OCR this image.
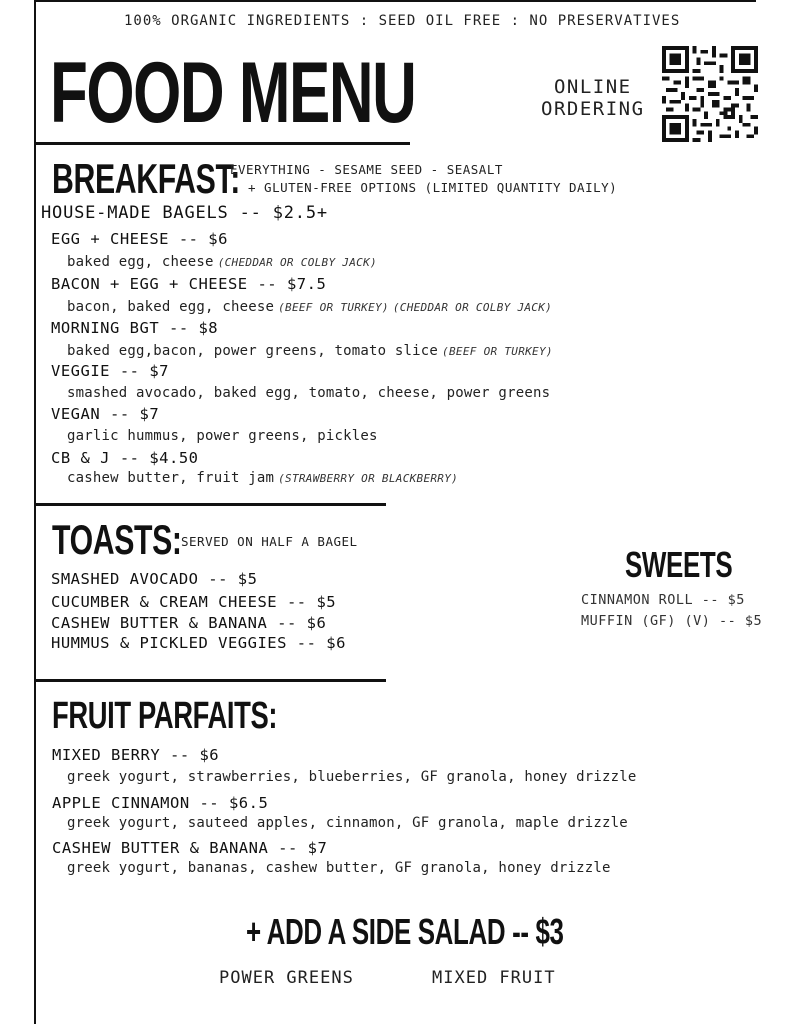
100% ORGANIC INGREDIENTS : SEED OIL FREE : NO PRESERVATIVES
FOOD MENU	ONLINE
ORDERING
BREAKFAST:
EVERYTHING - SESAME SEED - SEASALT
+ GLUTEN-FREE OPTIONS (LIMITED QUANTITY DAILY)
HOUSE-MADE BAGELS -- $2.5+
EGG + CHEESE -- $6
baked egg, cheese (CHEDDAR OR COLBY JACK)
BACON + EGG + CHEESE -- $7.5
bacon, baked egg, cheese (BEEF OR TURKEY) (CHEDDAR OR COLBY JACK)
MORNING BGT -- $8
baked egg,bacon, power greens, tomato slice (BEEF OR TURKEY)
VEGGIE -- $7
smashed avocado, baked egg, tomato, cheese, power greens
VEGAN -- $7
garlic hummus, power greens, pickles
CB & J -- $4.50
cashew butter, fruit jam (STRAWBERRY OR BLACKBERRY)
TOASTS: SERVED ON HALF A BAGEL
SMASHED AVOCADO -- $5
CUCUMBER & CREAM CHEESE -- $5
CASHEW BUTTER & BANANA -- $6
HUMMUS & PICKLED VEGGIES -- $6
SWEETS
CINNAMON ROLL -- $5
MUFFIN (GF) (V) -- $5
FRUIT PARFAITS:
MIXED BERRY -- $6
greek yogurt, strawberries, blueberries, GF granola, honey drizzle
APPLE CINNAMON -- $6.5
greek yogurt, sauteed apples, cinnamon, GF granola, maple drizzle
CASHEW BUTTER & BANANA -- $7
greek yogurt, bananas, cashew butter, GF granola, honey drizzle
+ ADD A SIDE SALAD -- $3
POWER GREENS	MIXED FRUIT
